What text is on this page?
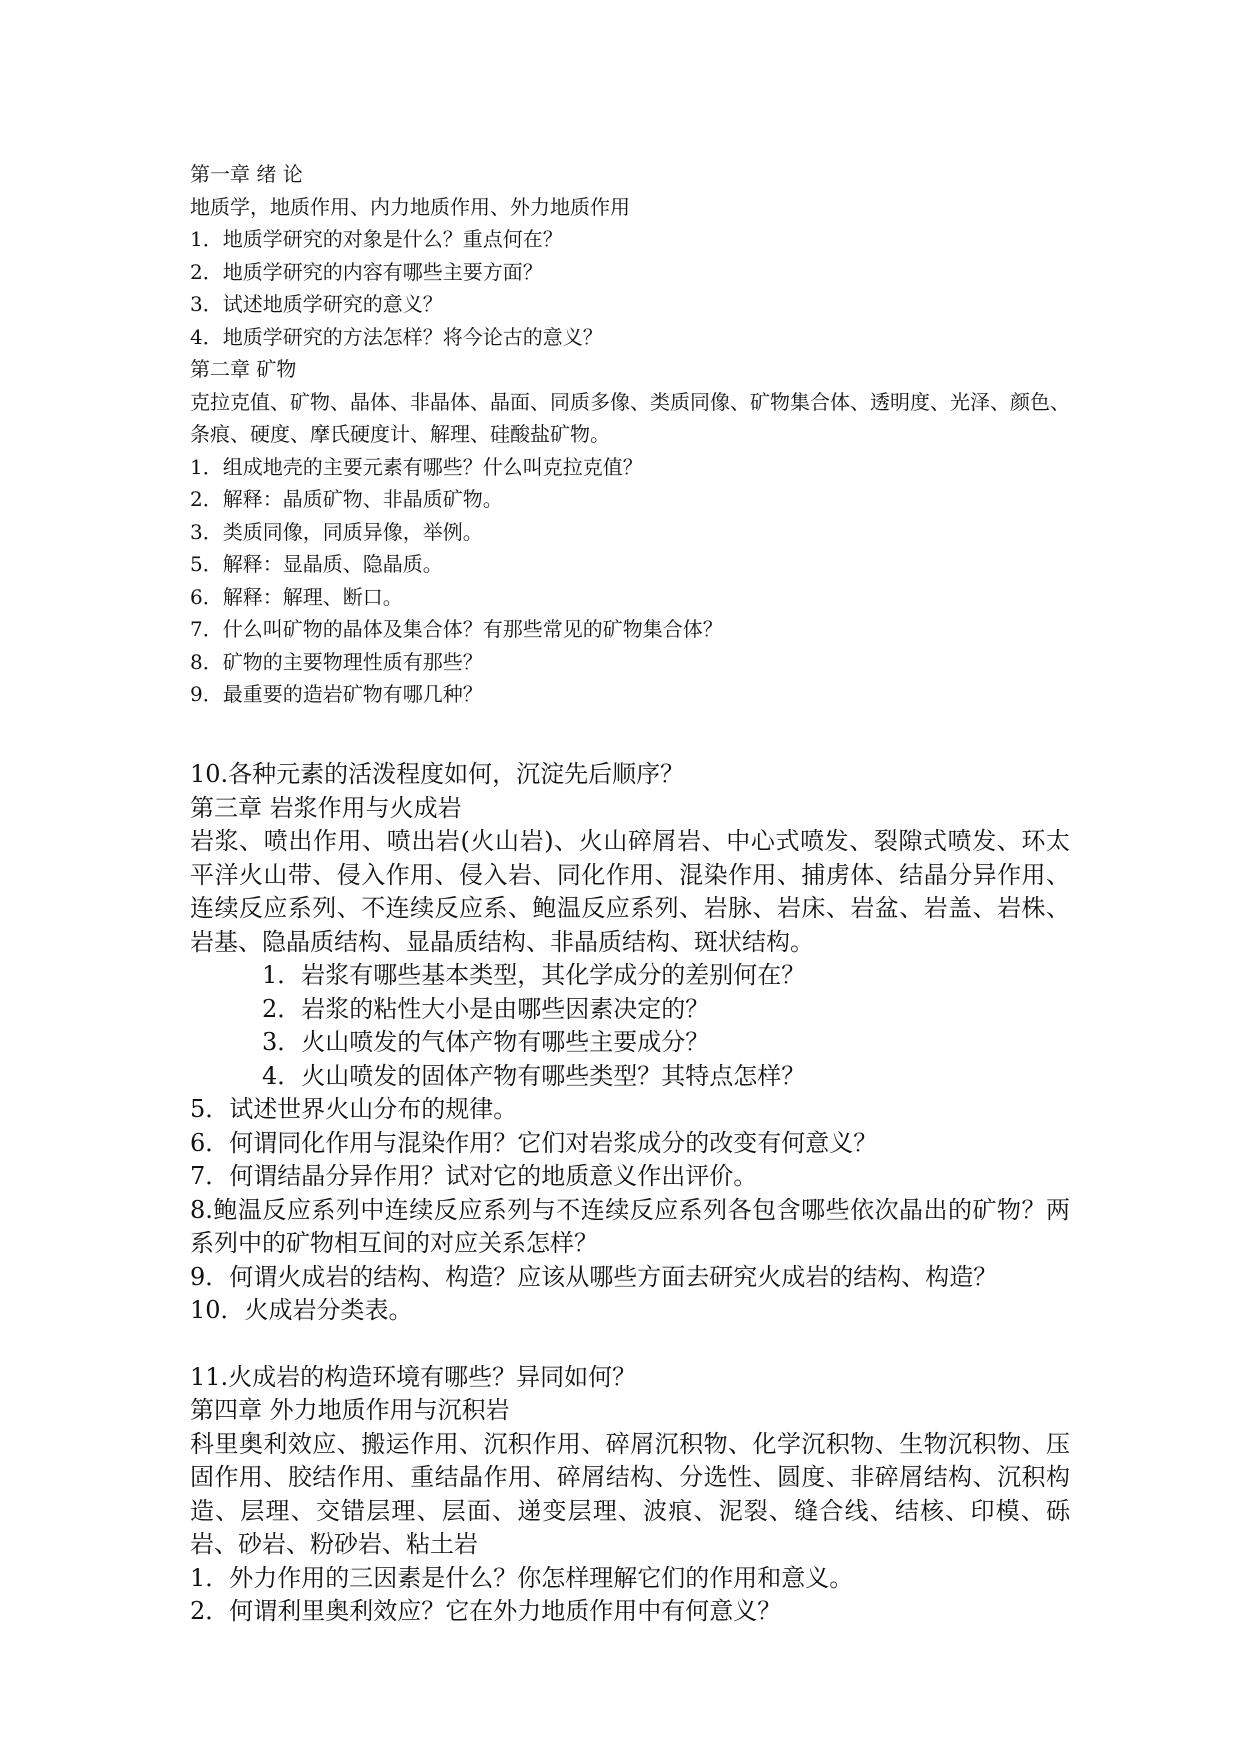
第一章 绪 论

地质学，地质作用、内力地质作用、外力地质作用

1．地质学研究的对象是什么？重点何在？

2．地质学研究的内容有哪些主要方面？

3．试述地质学研究的意义？

4．地质学研究的方法怎样？将今论古的意义？

第二章 矿物

克拉克值、矿物、晶体、非晶体、晶面、同质多像、类质同像、矿物集合体、透明度、光泽、颜色、条痕、硬度、摩氏硬度计、解理、硅酸盐矿物。

1．组成地壳的主要元素有哪些？什么叫克拉克值？

2．解释：晶质矿物、非晶质矿物。

3．类质同像，同质异像，举例。

5．解释：显晶质、隐晶质。

6．解释：解理、断口。

7．什么叫矿物的晶体及集合体？有那些常见的矿物集合体？

8．矿物的主要物理性质有那些？

9．最重要的造岩矿物有哪几种？

10.各种元素的活泼程度如何，沉淀先后顺序？

第三章 岩浆作用与火成岩

岩浆、喷出作用、喷出岩(火山岩)、火山碎屑岩、中心式喷发、裂隙式喷发、环太平洋火山带、侵入作用、侵入岩、同化作用、混染作用、捕虏体、结晶分异作用、连续反应系列、不连续反应系、鲍温反应系列、岩脉、岩床、岩盆、岩盖、岩株、岩基、隐晶质结构、显晶质结构、非晶质结构、斑状结构。

1．岩浆有哪些基本类型，其化学成分的差别何在？

2．岩浆的粘性大小是由哪些因素决定的？

3．火山喷发的气体产物有哪些主要成分？

4．火山喷发的固体产物有哪些类型？其特点怎样？

5．试述世界火山分布的规律。

6．何谓同化作用与混染作用？它们对岩浆成分的改变有何意义？

7．何谓结晶分异作用？试对它的地质意义作出评价。

8.鲍温反应系列中连续反应系列与不连续反应系列各包含哪些依次晶出的矿物？两系列中的矿物相互间的对应关系怎样？

9．何谓火成岩的结构、构造？应该从哪些方面去研究火成岩的结构、构造？

10．火成岩分类表。

11.火成岩的构造环境有哪些？异同如何？

第四章 外力地质作用与沉积岩

科里奥利效应、搬运作用、沉积作用、碎屑沉积物、化学沉积物、生物沉积物、压固作用、胶结作用、重结晶作用、碎屑结构、分选性、圆度、非碎屑结构、沉积构造、层理、交错层理、层面、递变层理、波痕、泥裂、缝合线、结核、印模、砾岩、砂岩、粉砂岩、粘土岩

1．外力作用的三因素是什么？你怎样理解它们的作用和意义。

2．何谓利里奥利效应？它在外力地质作用中有何意义？
